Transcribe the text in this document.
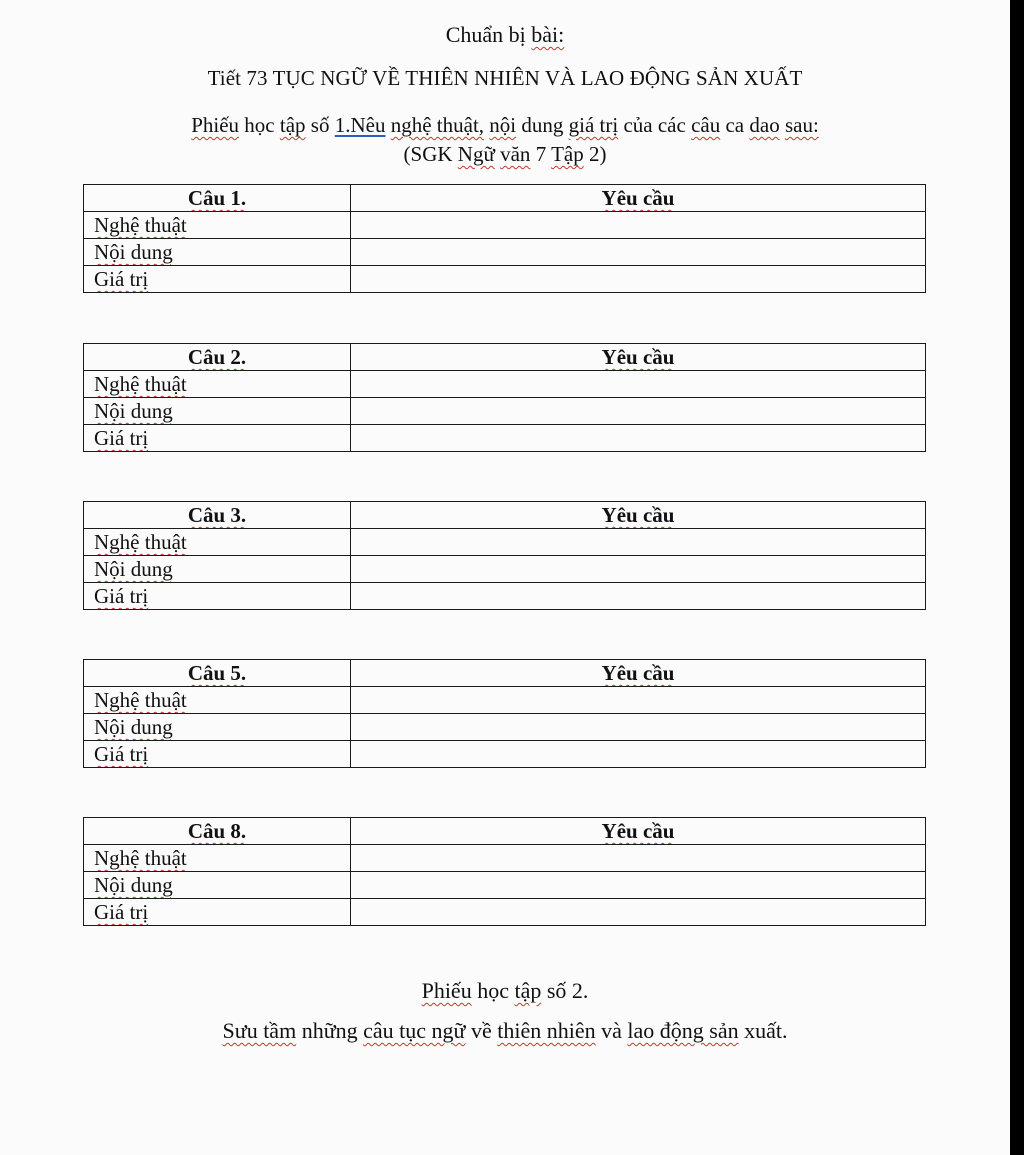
Chuẩn bị bài:
Tiết 73 TỤC NGỮ VỀ THIÊN NHIÊN VÀ LAO ĐỘNG SẢN XUẤT
Phiếu học tập số 1.Nêu nghệ thuật, nội dung giá trị của các câu ca dao sau:
(SGK Ngữ văn 7 Tập 2)
Câu 1.	Yêu cầu
Nghệ thuật	
Nội dung	
Giá trị	
Câu 2.	Yêu cầu
Nghệ thuật	
Nội dung	
Giá trị	
Câu 3.	Yêu cầu
Nghệ thuật	
Nội dung	
Giá trị	
Câu 5.	Yêu cầu
Nghệ thuật	
Nội dung	
Giá trị	
Câu 8.	Yêu cầu
Nghệ thuật	
Nội dung	
Giá trị	
Phiếu học tập số 2.
Sưu tầm những câu tục ngữ về thiên nhiên và lao động sản xuất.
